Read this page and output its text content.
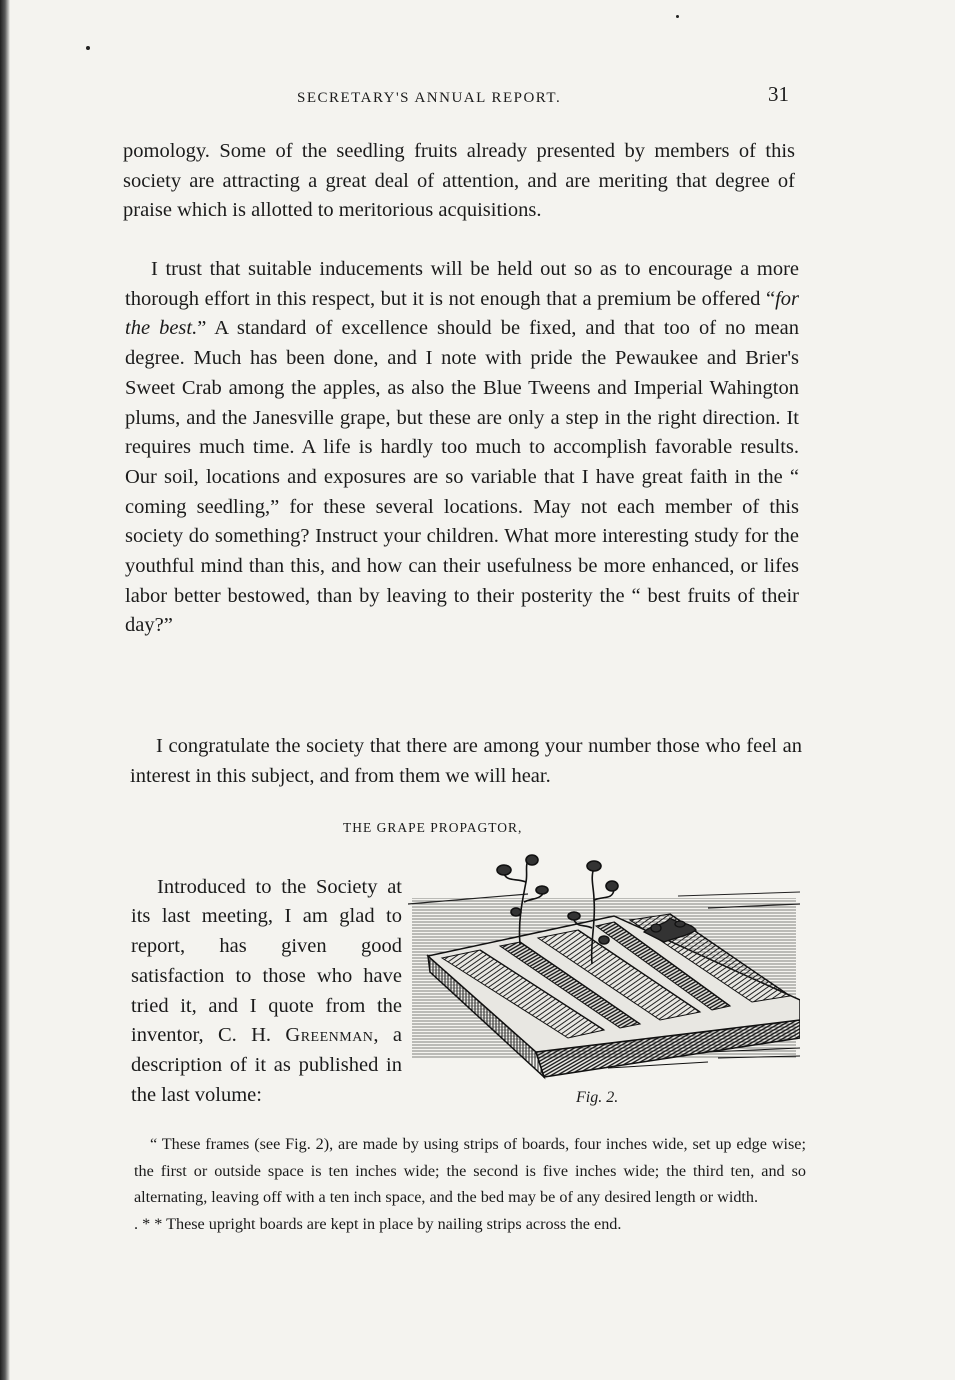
SECRETARY'S ANNUAL REPORT.	31

pomology. Some of the seedling fruits already presented by members of this society are attracting a great deal of attention, and are meriting that degree of praise which is allotted to meritorious acquisitions.

I trust that suitable inducements will be held out so as to encourage a more thorough effort in this respect, but it is not enough that a premium be offered “for the best.” A standard of excellence should be fixed, and that too of no mean degree. Much has been done, and I note with pride the Pewaukee and Brier's Sweet Crab among the apples, as also the Blue Tweens and Imperial Wahington plums, and the Janesville grape, but these are only a step in the right direction. It requires much time. A life is hardly too much to accomplish favorable results. Our soil, locations and exposures are so variable that I have great faith in the “ coming seedling,” for these several locations. May not each member of this society do something? Instruct your children. What more interesting study for the youthful mind than this, and how can their usefulness be more enhanced, or lifes labor better bestowed, than by leaving to their posterity the “ best fruits of their day?”

I congratulate the society that there are among your number those who feel an interest in this subject, and from them we will hear.

THE GRAPE PROPAGTOR,

Introduced to the Society at its last meeting, I am glad to report, has given good satisfaction to those who have tried it, and I quote from the inventor, C. H. Greenman, a description of it as published in the last volume:	Fig. 2.
“ These frames (see Fig. 2), are made by using strips of boards, four inches wide, set up edge wise; the first or outside space is ten inches wide; the second is five inches wide; the third ten, and so alternating, leaving off with a ten inch space, and the bed may be of any desired length or width.
. * * These upright boards are kept in place by nailing strips across the end.
